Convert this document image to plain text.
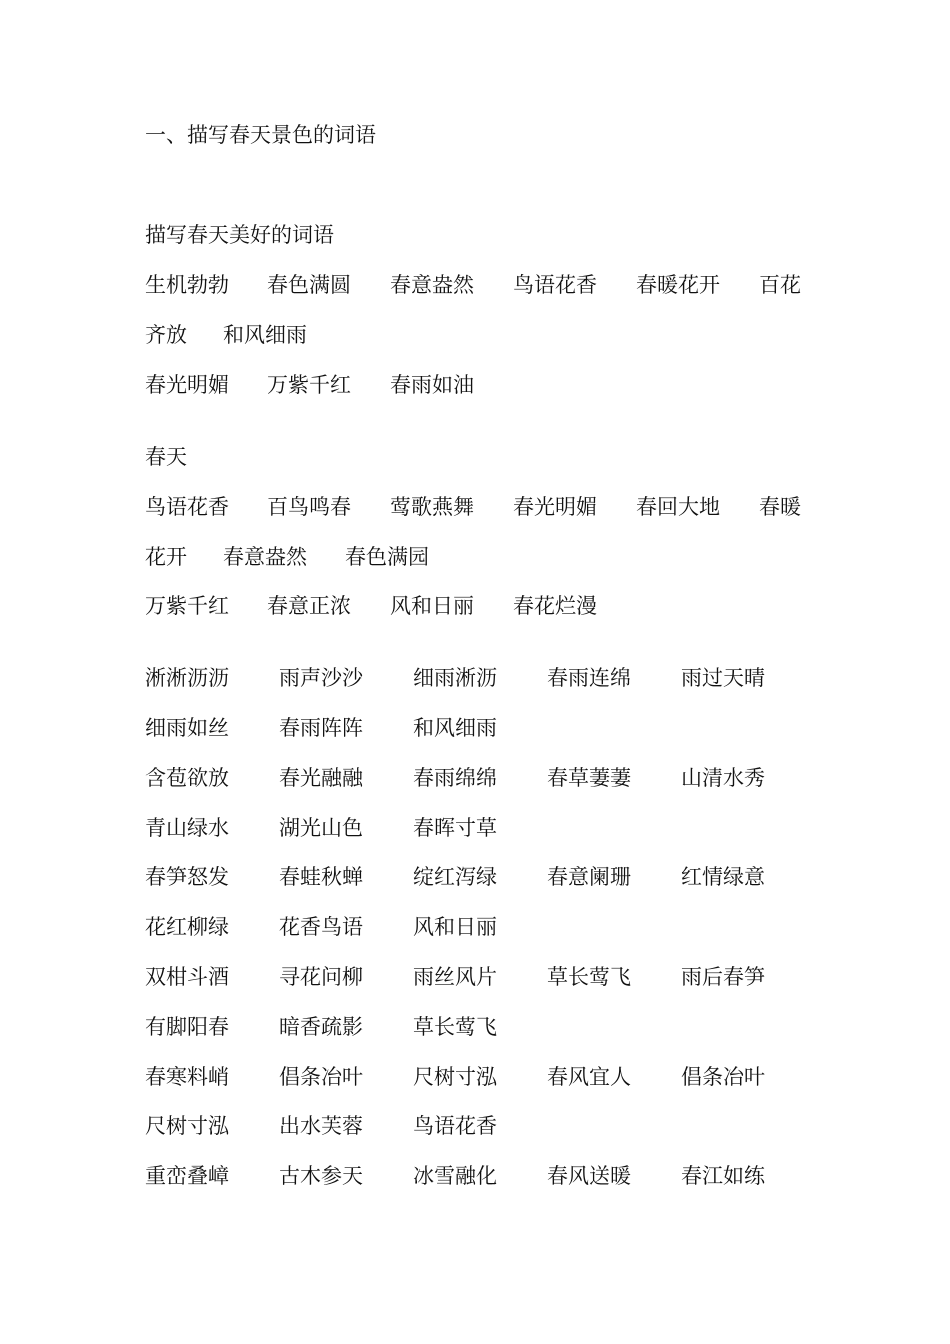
一、描写春天景色的词语
描写春天美好的词语
生机勃勃 春色满圆 春意盎然 鸟语花香 春暖花开 百花
齐放 和风细雨
春光明媚 万紫千红 春雨如油
春天
鸟语花香 百鸟鸣春 莺歌燕舞 春光明媚 春回大地 春暖
花开 春意盎然 春色满园
万紫千红 春意正浓 风和日丽 春花烂漫
淅淅沥沥 雨声沙沙 细雨淅沥 春雨连绵 雨过天晴
细雨如丝 春雨阵阵 和风细雨
含苞欲放 春光融融 春雨绵绵 春草萋萋 山清水秀
青山绿水 湖光山色 春晖寸草
春笋怒发 春蛙秋蝉 绽红泻绿 春意阑珊 红情绿意
花红柳绿 花香鸟语 风和日丽
双柑斗酒 寻花问柳 雨丝风片 草长莺飞 雨后春笋
有脚阳春 暗香疏影 草长莺飞
春寒料峭 倡条冶叶 尺树寸泓 春风宜人 倡条冶叶
尺树寸泓 出水芙蓉 鸟语花香
重峦叠嶂 古木参天 冰雪融化 春风送暖 春江如练
